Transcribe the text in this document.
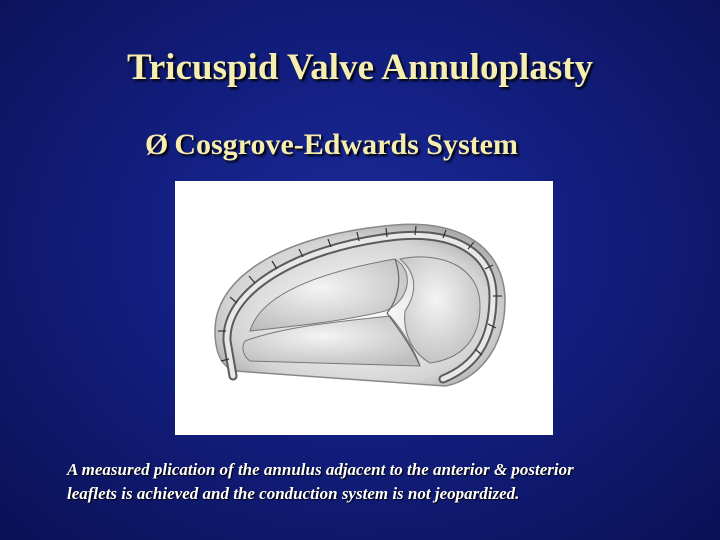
Tricuspid Valve Annuloplasty
Ø Cosgrove-Edwards System
A measured plication of the annulus adjacent to the anterior & posterior
leaflets is achieved and the conduction system is not jeopardized.
